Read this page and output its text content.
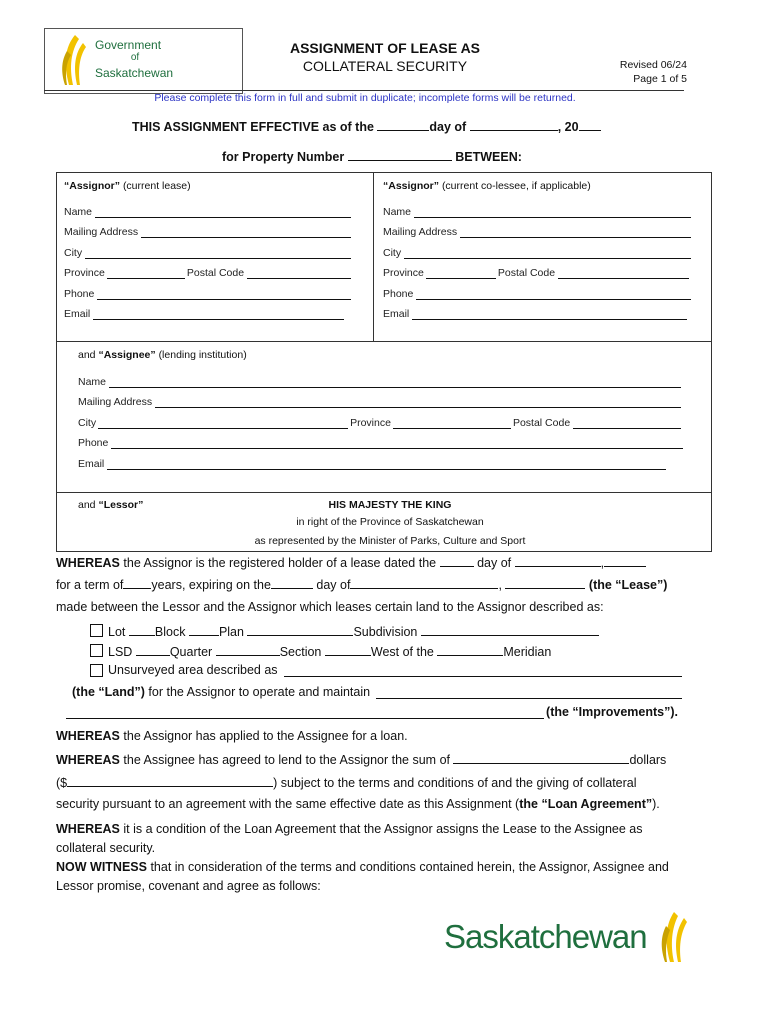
Government
of
Saskatchewan
ASSIGNMENT OF LEASE AS
COLLATERAL SECURITY	Revised 06/24
Page 1 of 5
Please complete this form in full and submit in duplicate; incomplete forms will be returned.
THIS ASSIGNMENT EFFECTIVE as of the	day of	, 20
for Property Number	BETWEEN:
“Assignor” (current lease)	“Assignor” (current co-lessee, if applicable)
Name
Mailing Address
City
Province	Postal Code
Phone
Email
Name
Mailing Address
City
Province	Postal Code
Phone
Email
and “Assignee” (lending institution)
Name
Mailing Address
City	Province	Postal Code
Phone
Email
and “Lessor”	HIS MAJESTY THE KING
in right of the Province of Saskatchewan
as represented by the Minister of Parks, Culture and Sport
WHEREAS the Assignor is the registered holder of a lease dated the	day of	,
for a term of years, expiring on the	day of	,	(the “Lease”)
made between the Lessor and the Assignor which leases certain land to the Assignor described as:
Lot Block	Plan	Subdivision
LSD	Quarter	Section	West of the	Meridian
Unsurveyed area described as
(the “Land”)
for the Assignor to operate and maintain
(the “Improvements”).
WHEREAS the Assignor has applied to the Assignee for a loan.
WHEREAS the Assignee has agreed to lend to the Assignor the sum of	dollars
($	) subject to the terms and conditions of and the giving of collateral
security pursuant to an agreement with the same effective date as this Assignment (the “Loan Agreement”).
WHEREAS it is a condition of the Loan Agreement that the Assignor assigns the Lease to the Assignee as
collateral security.
NOW WITNESS that in consideration of the terms and conditions contained herein, the Assignor, Assignee and
Lessor promise, covenant and agree as follows:
Saskatchewan
